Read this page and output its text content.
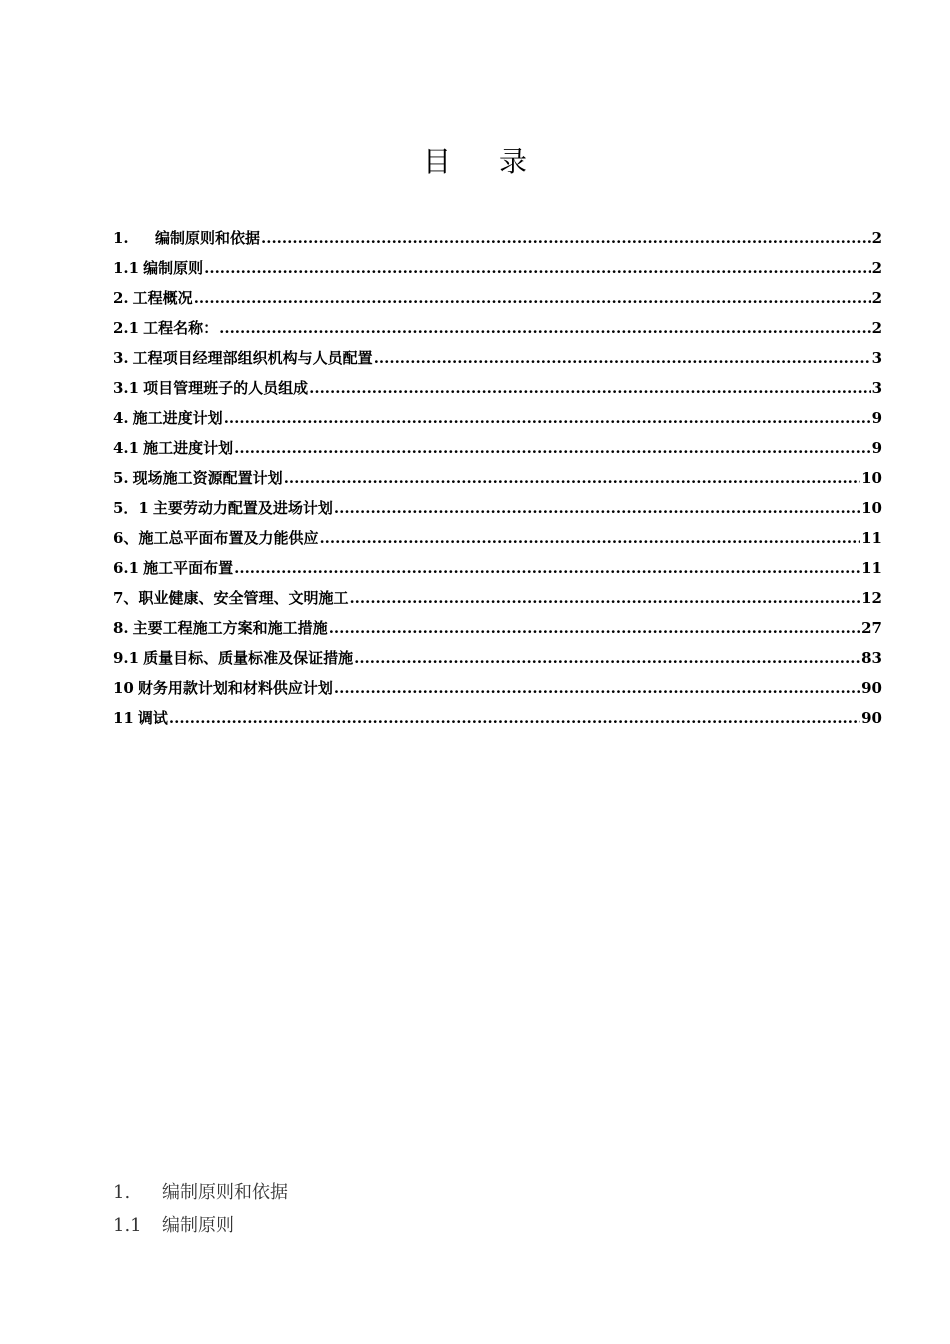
目 录
1.	编制原则和依据 .....	2
1.1 编制原则 .....	2
2. 工程概况 .....	2
2.1 工程名称： .....	2
3. 工程项目经理部组织机构与人员配置 .....	3
3.1 项目管理班子的人员组成 .....	3
4. 施工进度计划 .....	9
4.1 施工进度计划 .....	9
5. 现场施工资源配置计划 .....	10
5．1 主要劳动力配置及进场计划 .....	10
6、 施工总平面布置及力能供应 .....	11
6.1 施工平面布置 .....	11
7、 职业健康、安全管理、文明施工 .....	12
8. 主要工程施工方案和施工措施 .....	27
9.1 质量目标、质量标准及保证措施 .....	83
10 财务用款计划和材料供应计划 .....	90
11 调试 .....	90
1. 编制原则和依据
1.1 编制原则
